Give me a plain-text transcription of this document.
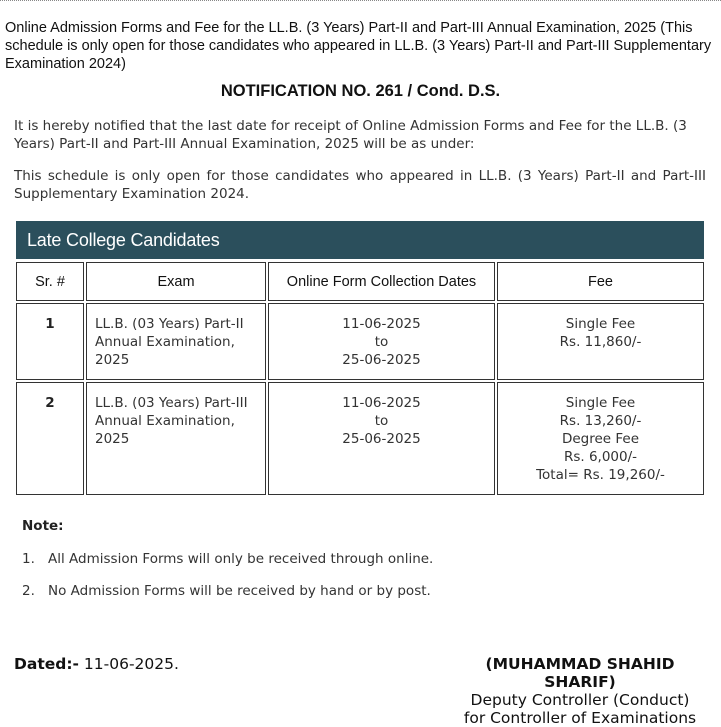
Online Admission Forms and Fee for the LL.B. (3 Years) Part-II and Part-III Annual Examination, 2025 (This schedule is only open for those candidates who appeared in LL.B. (3 Years) Part-II and Part-III Supplementary Examination 2024)
NOTIFICATION NO. 261 / Cond. D.S.
It is hereby notified that the last date for receipt of Online Admission Forms and Fee for the LL.B. (3 Years) Part-II and Part-III Annual Examination, 2025 will be as under:
This schedule is only open for those candidates who appeared in LL.B. (3 Years) Part-II and Part-III
Supplementary Examination 2024.
Late College Candidates
Sr. #	Exam	Online Form Collection Dates	Fee
1	LL.B. (03 Years) Part-II
Annual Examination,
2025	11-06-2025
to
25-06-2025	Single Fee
Rs. 11,860/-

2	LL.B. (03 Years) Part-III
Annual Examination,
2025	11-06-2025
to
25-06-2025	Single Fee
Rs. 13,260/-
Degree Fee
Rs. 6,000/-
Total= Rs. 19,260/-
Note:
1. All Admission Forms will only be received through online.
2. No Admission Forms will be received by hand or by post.
Dated:- 11-06-2025.	(MUHAMMAD SHAHID SHARIF)
Deputy Controller (Conduct)
for Controller of Examinations
